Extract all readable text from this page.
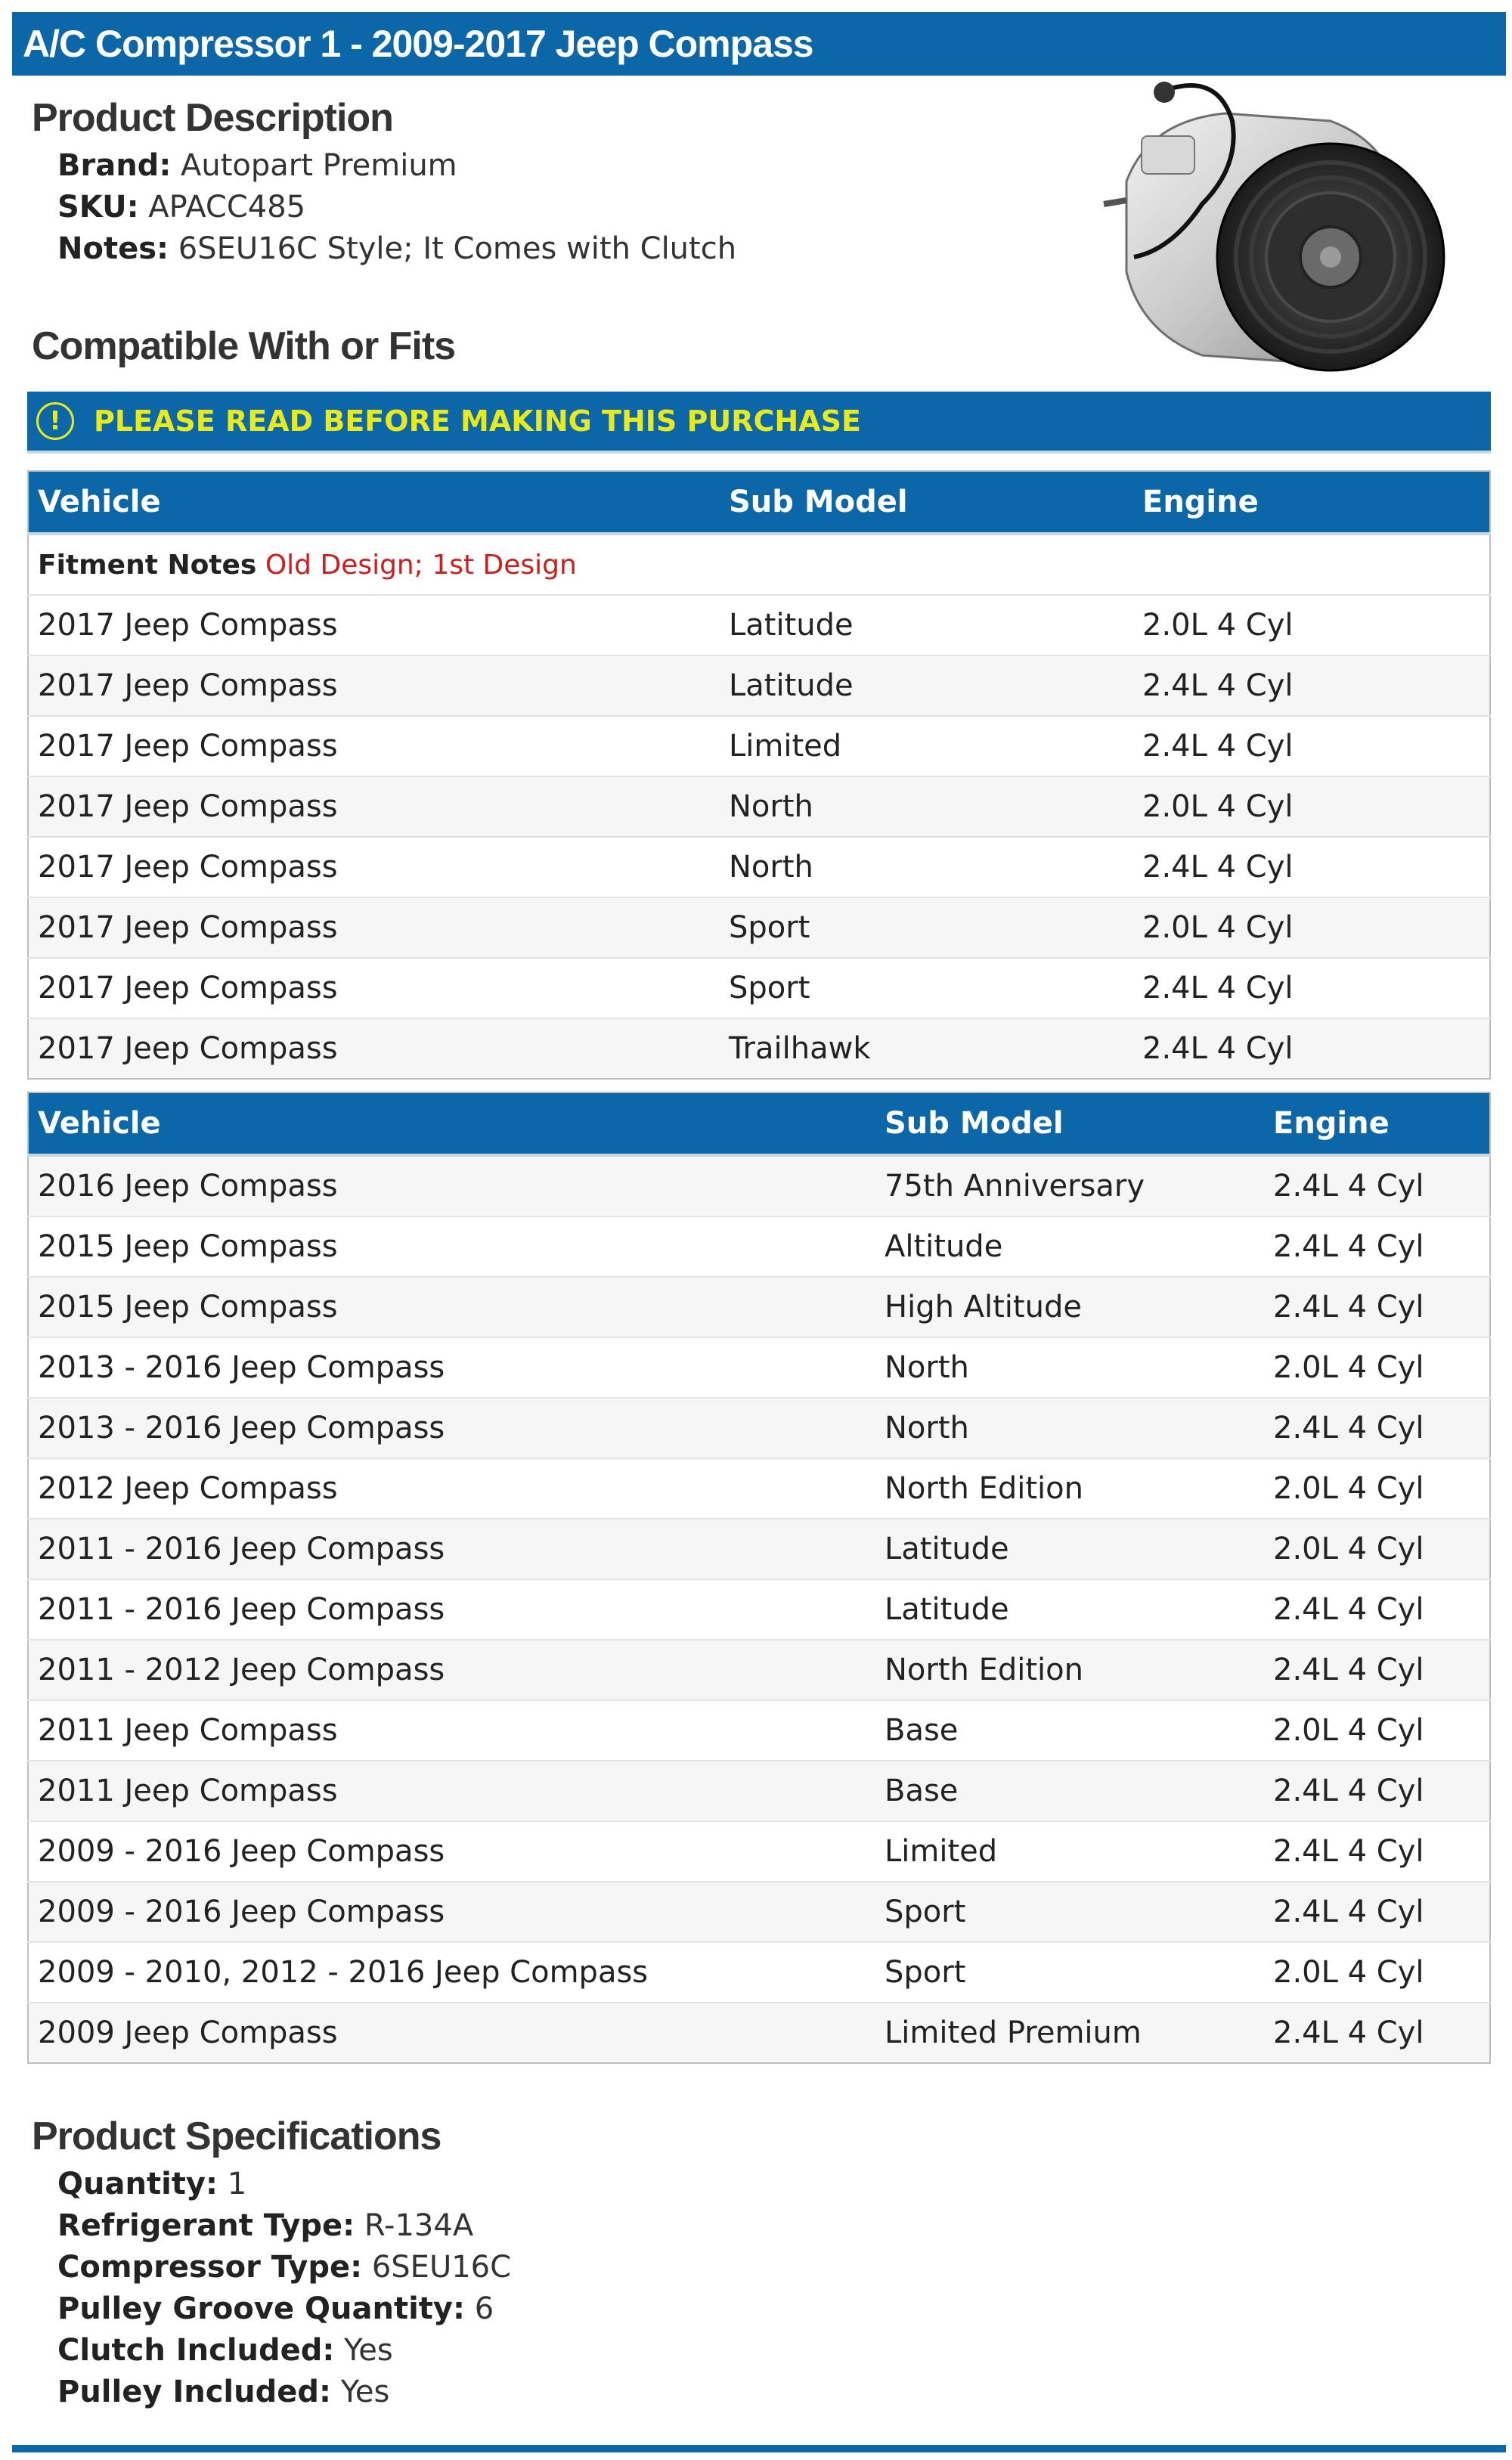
A/C Compressor 1 - 2009-2017 Jeep Compass
Product Description
Brand: Autopart Premium
SKU: APACC485
Notes: 6SEU16C Style; It Comes with Clutch
Compatible With or Fits
!	PLEASE READ BEFORE MAKING THIS PURCHASE
Vehicle	Sub Model	Engine
Fitment Notes Old Design; 1st Design		
2017 Jeep Compass	Latitude	2.0L 4 Cyl
2017 Jeep Compass	Latitude	2.4L 4 Cyl
2017 Jeep Compass	Limited	2.4L 4 Cyl
2017 Jeep Compass	North	2.0L 4 Cyl
2017 Jeep Compass	North	2.4L 4 Cyl
2017 Jeep Compass	Sport	2.0L 4 Cyl
2017 Jeep Compass	Sport	2.4L 4 Cyl
2017 Jeep Compass	Trailhawk	2.4L 4 Cyl
Vehicle	Sub Model	Engine
2016 Jeep Compass	75th Anniversary	2.4L 4 Cyl
2015 Jeep Compass	Altitude	2.4L 4 Cyl
2015 Jeep Compass	High Altitude	2.4L 4 Cyl
2013 - 2016 Jeep Compass	North	2.0L 4 Cyl
2013 - 2016 Jeep Compass	North	2.4L 4 Cyl
2012 Jeep Compass	North Edition	2.0L 4 Cyl
2011 - 2016 Jeep Compass	Latitude	2.0L 4 Cyl
2011 - 2016 Jeep Compass	Latitude	2.4L 4 Cyl
2011 - 2012 Jeep Compass	North Edition	2.4L 4 Cyl
2011 Jeep Compass	Base	2.0L 4 Cyl
2011 Jeep Compass	Base	2.4L 4 Cyl
2009 - 2016 Jeep Compass	Limited	2.4L 4 Cyl
2009 - 2016 Jeep Compass	Sport	2.4L 4 Cyl
2009 - 2010, 2012 - 2016 Jeep Compass	Sport	2.0L 4 Cyl
2009 Jeep Compass	Limited Premium	2.4L 4 Cyl
Product Specifications
Quantity: 1
Refrigerant Type: R-134A
Compressor Type: 6SEU16C
Pulley Groove Quantity: 6
Clutch Included: Yes
Pulley Included: Yes
